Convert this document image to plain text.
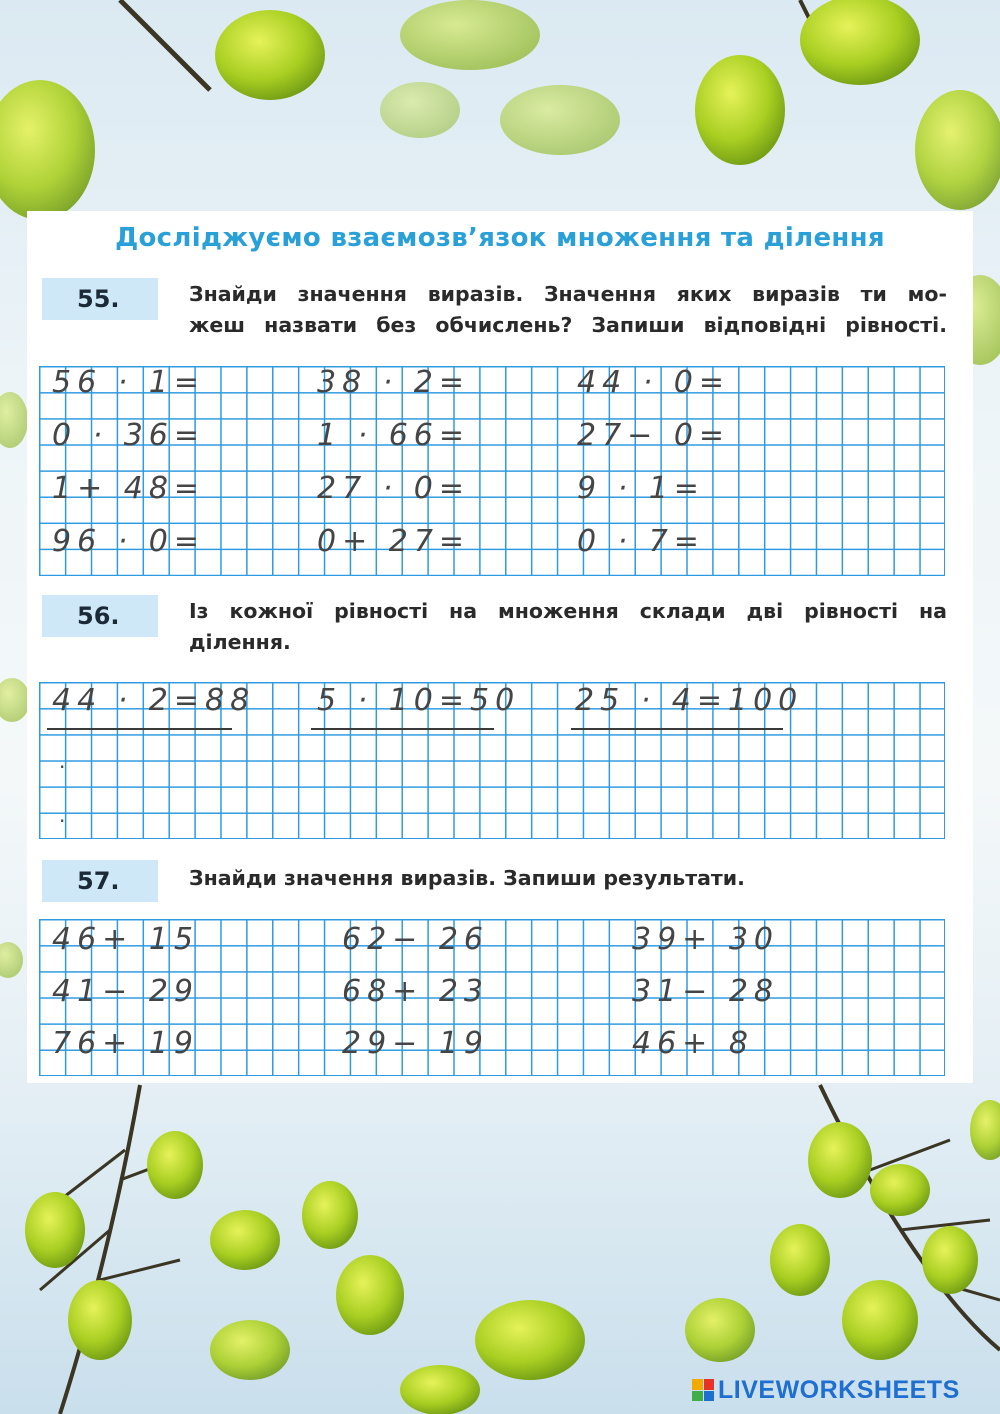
Досліджуємо взаємозв’язок множення та ділення
55.	Знайди значення виразів. Значення яких виразів ти мо-
жеш назвати без обчислень? Запиши відповідні рівності.
56 · 1=	38 · 2=	44 · 0=
0 · 36=	1 · 66=	27− 0=
1+ 48=	27 · 0=	9 · 1=
96 · 0=	0+ 27=	0 · 7=
56.	Із кожної рівності на множення склади дві рівності на
ділення.
44 · 2=88 5 · 10=50 25 · 4=100
.
.
57.	Знайди значення виразів. Запиши результати.
46+ 15	62− 26	39+ 30
41− 29	68+ 23	31− 28
76+ 19	29− 19	46+ 8
LIVEWORKSHEETS
